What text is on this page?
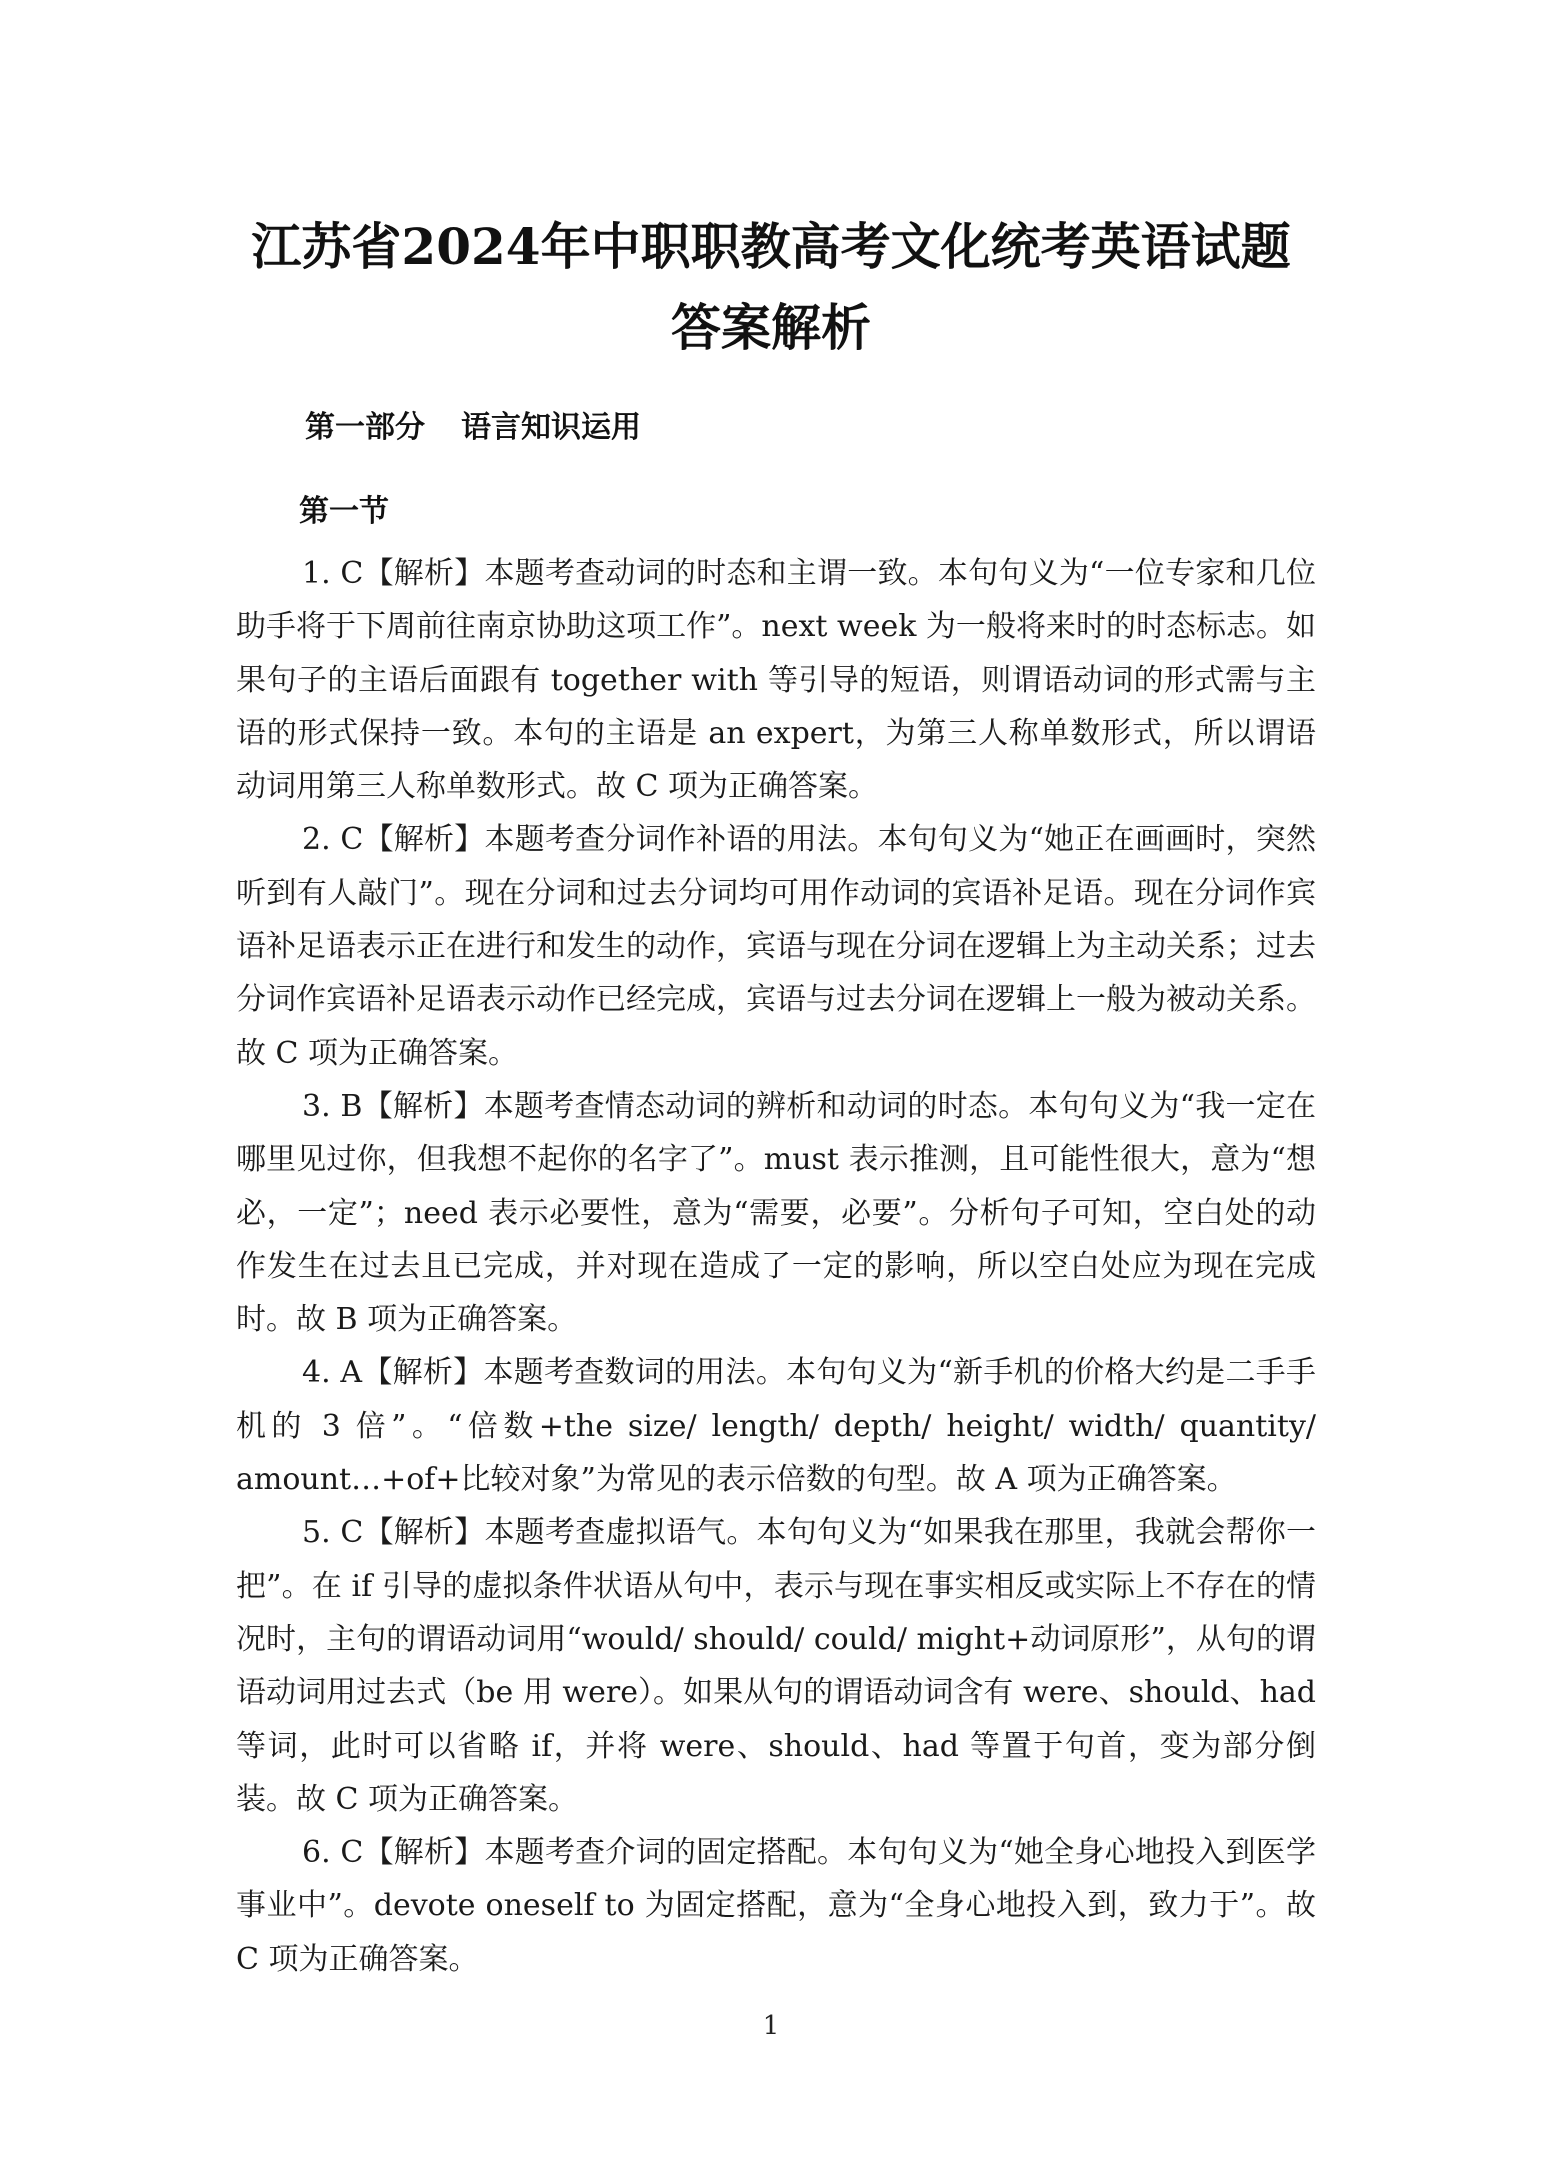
江苏省2024年中职职教高考文化统考英语试题
答案解析
第一部分 语言知识运用
第一节

1. C【解析】本题考查动词的时态和主谓一致。本句句义为“一位专家和几位助手将于下周前往南京协助这项工作”。next week 为一般将来时的时态标志。如果句子的主语后面跟有 together with 等引导的短语，则谓语动词的形式需与主语的形式保持一致。本句的主语是 an expert，为第三人称单数形式，所以谓语动词用第三人称单数形式。故 C 项为正确答案。

2. C【解析】本题考查分词作补语的用法。本句句义为“她正在画画时，突然听到有人敲门”。现在分词和过去分词均可用作动词的宾语补足语。现在分词作宾语补足语表示正在进行和发生的动作，宾语与现在分词在逻辑上为主动关系；过去分词作宾语补足语表示动作已经完成，宾语与过去分词在逻辑上一般为被动关系。故 C 项为正确答案。

3. B【解析】本题考查情态动词的辨析和动词的时态。本句句义为“我一定在哪里见过你，但我想不起你的名字了”。must 表示推测，且可能性很大，意为“想必，一定”；need 表示必要性，意为“需要，必要”。分析句子可知，空白处的动作发生在过去且已完成，并对现在造成了一定的影响，所以空白处应为现在完成时。故 B 项为正确答案。

4. A【解析】本题考查数词的用法。本句句义为“新手机的价格大约是二手手机的 3 倍”。“倍数+the size/ length/ depth/ height/ width/ quantity/ amount…+of+比较对象”为常见的表示倍数的句型。故 A 项为正确答案。

5. C【解析】本题考查虚拟语气。本句句义为“如果我在那里，我就会帮你一把”。在 if 引导的虚拟条件状语从句中，表示与现在事实相反或实际上不存在的情况时，主句的谓语动词用“would/ should/ could/ might+动词原形”，从句的谓语动词用过去式（be 用 were）。如果从句的谓语动词含有 were、should、had 等词，此时可以省略 if，并将 were、should、had 等置于句首，变为部分倒装。故 C 项为正确答案。

6. C【解析】本题考查介词的固定搭配。本句句义为“她全身心地投入到医学事业中”。devote oneself to 为固定搭配，意为“全身心地投入到，致力于”。故 C 项为正确答案。

1
